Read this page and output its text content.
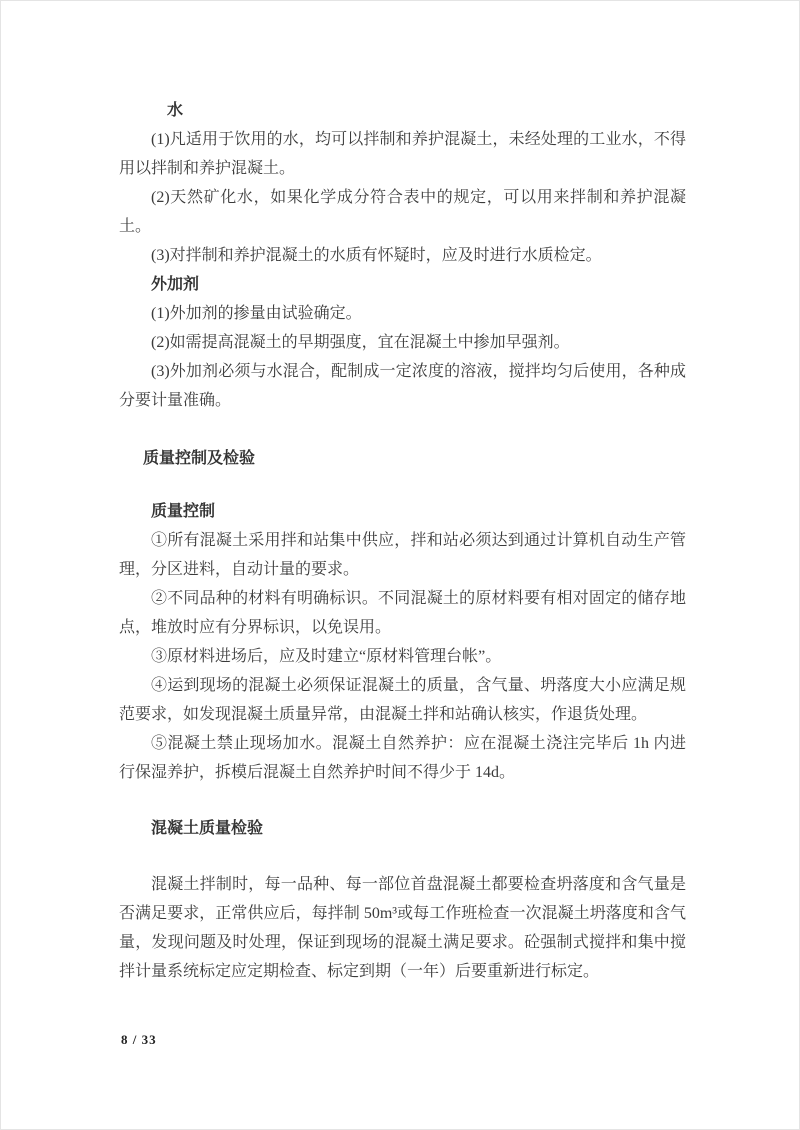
水

(1)凡适用于饮用的水，均可以拌制和养护混凝土，未经处理的工业水，不得用以拌制和养护混凝土。

(2)天然矿化水，如果化学成分符合表中的规定，可以用来拌制和养护混凝土。

(3)对拌制和养护混凝土的水质有怀疑时，应及时进行水质检定。

外加剂

(1)外加剂的掺量由试验确定。

(2)如需提高混凝土的早期强度，宜在混凝土中掺加早强剂。

(3)外加剂必须与水混合，配制成一定浓度的溶液，搅拌均匀后使用，各种成分要计量准确。

质量控制及检验

质量控制

①所有混凝土采用拌和站集中供应，拌和站必须达到通过计算机自动生产管理，分区进料，自动计量的要求。

②不同品种的材料有明确标识。不同混凝土的原材料要有相对固定的储存地点，堆放时应有分界标识，以免误用。

③原材料进场后，应及时建立“原材料管理台帐”。

④运到现场的混凝土必须保证混凝土的质量，含气量、坍落度大小应满足规范要求，如发现混凝土质量异常，由混凝土拌和站确认核实，作退货处理。

⑤混凝土禁止现场加水。混凝土自然养护：应在混凝土浇注完毕后 1h 内进行保湿养护，拆模后混凝土自然养护时间不得少于 14d。

混凝土质量检验

混凝土拌制时，每一品种、每一部位首盘混凝土都要检查坍落度和含气量是否满足要求，正常供应后，每拌制 50m³或每工作班检查一次混凝土坍落度和含气量，发现问题及时处理，保证到现场的混凝土满足要求。砼强制式搅拌和集中搅拌计量系统标定应定期检查、标定到期（一年）后要重新进行标定。

8 / 33
